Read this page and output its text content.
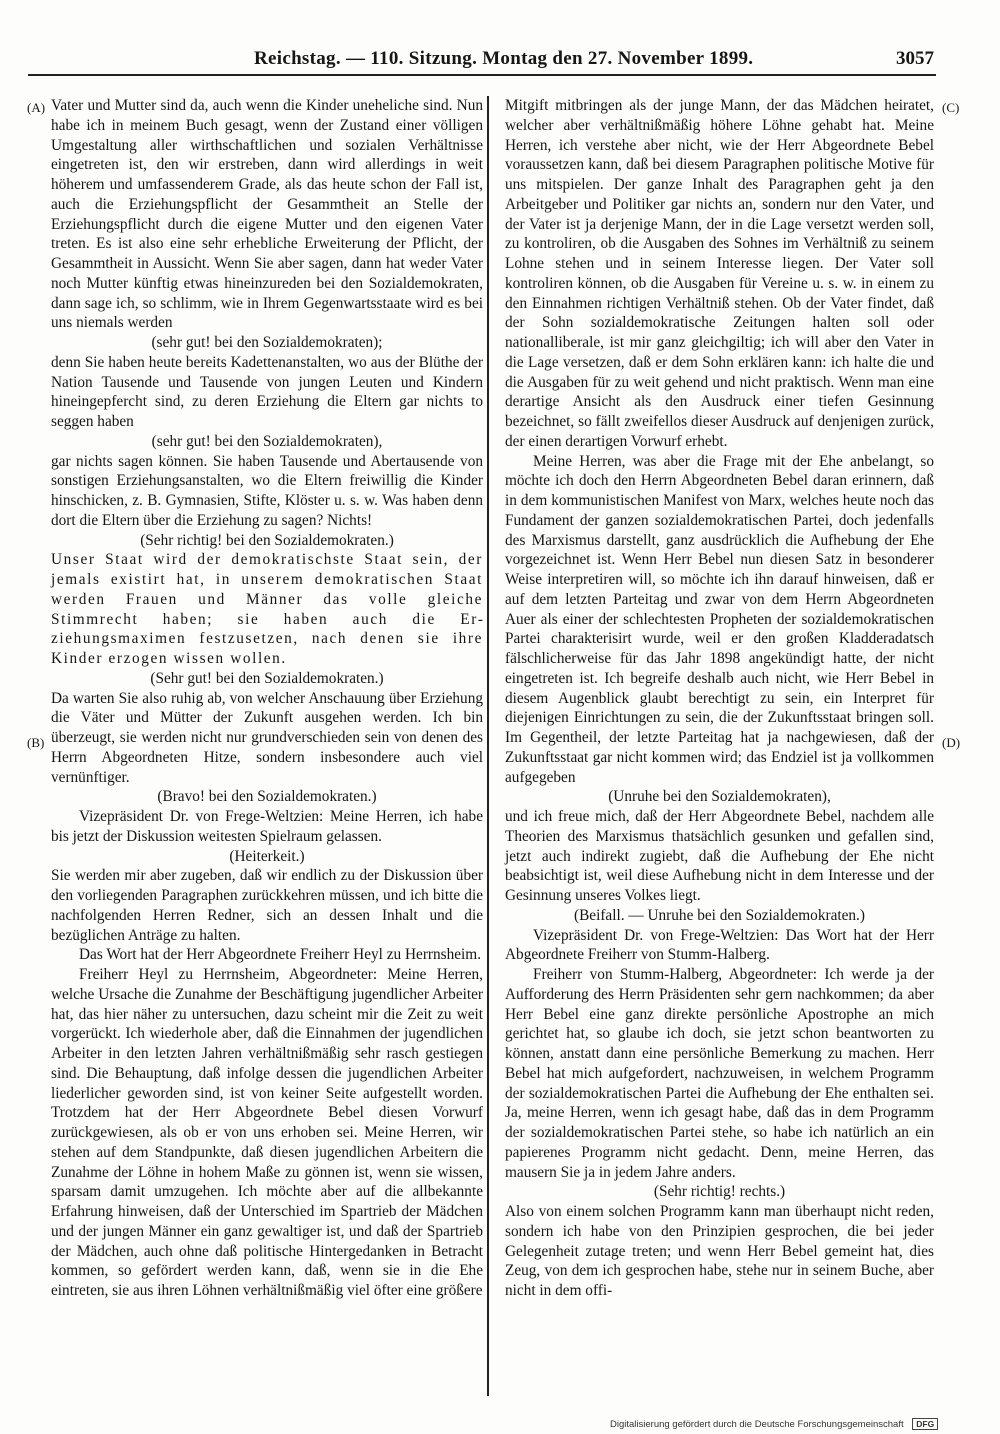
Reichstag. — 110. Sitzung. Montag den 27. November 1899.	3057
(A)
(B)
(C)
(D)

Vater und Mutter sind da, auch wenn die Kinder uneheliche sind. Nun habe ich in meinem Buch gesagt, wenn der Zustand einer völligen Umgestaltung aller wirthschaftlichen und sozialen Verhältnisse eingetreten ist, den wir erstreben, dann wird allerdings in weit höherem und umfassenderem Grade, als das heute schon der Fall ist, auch die Erziehungspflicht der Gesammtheit an Stelle der Erziehungspflicht durch die eigene Mutter und den eigenen Vater treten. Es ist also eine sehr erhebliche Erweiterung der Pflicht, der Gesammtheit in Aussicht. Wenn Sie aber sagen, dann hat weder Vater noch Mutter künftig etwas hineinzureden bei den Sozialdemokraten, dann sage ich, so schlimm, wie in Ihrem Gegenwartsstaate wird es bei uns niemals werden

(sehr gut! bei den Sozialdemokraten);

denn Sie haben heute bereits Kadettenanstalten, wo aus der Blüthe der Nation Tausende und Tausende von jungen Leuten und Kindern hineingepfercht sind, zu deren Erziehung die Eltern gar nichts to seggen haben

(sehr gut! bei den Sozialdemokraten),

gar nichts sagen können. Sie haben Tausende und Abertausende von sonstigen Erziehungsanstalten, wo die Eltern freiwillig die Kinder hinschicken, z. B. Gymnasien, Stifte, Klöster u. s. w. Was haben denn dort die Eltern über die Erziehung zu sagen? Nichts!

(Sehr richtig! bei den Sozialdemokraten.)

Unser Staat wird der demokratischste Staat sein, der jemals existirt hat, in unserem demokratischen Staat werden Frauen und Männer das volle gleiche Stimmrecht haben; sie haben auch die Erziehungsmaximen festzusetzen, nach denen sie ihre Kinder erzogen wissen wollen.

(Sehr gut! bei den Sozialdemokraten.)

Da warten Sie also ruhig ab, von welcher Anschauung über Erziehung die Väter und Mütter der Zukunft ausgehen werden. Ich bin überzeugt, sie werden nicht nur grundverschieden sein von denen des Herrn Abgeordneten Hitze, sondern insbesondere auch viel vernünftiger.

(Bravo! bei den Sozialdemokraten.)

Vizepräsident Dr. von Frege-Weltzien: Meine Herren, ich habe bis jetzt der Diskussion weitesten Spielraum gelassen.

(Heiterkeit.)

Sie werden mir aber zugeben, daß wir endlich zu der Diskussion über den vorliegenden Paragraphen zurückkehren müssen, und ich bitte die nachfolgenden Herren Redner, sich an dessen Inhalt und die bezüglichen Anträge zu halten.

Das Wort hat der Herr Abgeordnete Freiherr Heyl zu Herrnsheim.

Freiherr Heyl zu Herrnsheim, Abgeordneter: Meine Herren, welche Ursache die Zunahme der Beschäftigung jugendlicher Arbeiter hat, das hier näher zu untersuchen, dazu scheint mir die Zeit zu weit vorgerückt. Ich wiederhole aber, daß die Einnahmen der jugendlichen Arbeiter in den letzten Jahren verhältnißmäßig sehr rasch gestiegen sind. Die Behauptung, daß infolge dessen die jugendlichen Arbeiter liederlicher geworden sind, ist von keiner Seite aufgestellt worden. Trotzdem hat der Herr Abgeordnete Bebel diesen Vorwurf zurückgewiesen, als ob er von uns erhoben sei. Meine Herren, wir stehen auf dem Standpunkte, daß diesen jugendlichen Arbeitern die Zunahme der Löhne in hohem Maße zu gönnen ist, wenn sie wissen, sparsam damit umzugehen. Ich möchte aber auf die allbekannte Erfahrung hinweisen, daß der Unterschied im Spartrieb der Mädchen und der jungen Männer ein ganz gewaltiger ist, und daß der Spartrieb der Mädchen, auch ohne daß politische Hintergedanken in Betracht kommen, so gefördert werden kann, daß, wenn sie in die Ehe eintreten, sie aus ihren Löhnen verhältnißmäßig viel öfter eine größere

Mitgift mitbringen als der junge Mann, der das Mädchen heiratet, welcher aber verhältnißmäßig höhere Löhne gehabt hat. Meine Herren, ich verstehe aber nicht, wie der Herr Abgeordnete Bebel voraussetzen kann, daß bei diesem Paragraphen politische Motive für uns mitspielen. Der ganze Inhalt des Paragraphen geht ja den Arbeitgeber und Politiker gar nichts an, sondern nur den Vater, und der Vater ist ja derjenige Mann, der in die Lage versetzt werden soll, zu kontroliren, ob die Ausgaben des Sohnes im Verhältniß zu seinem Lohne stehen und in seinem Interesse liegen. Der Vater soll kontroliren können, ob die Ausgaben für Vereine u. s. w. in einem zu den Einnahmen richtigen Verhältniß stehen. Ob der Vater findet, daß der Sohn sozialdemokratische Zeitungen halten soll oder nationalliberale, ist mir ganz gleichgiltig; ich will aber den Vater in die Lage versetzen, daß er dem Sohn erklären kann: ich halte die und die Ausgaben für zu weit gehend und nicht praktisch. Wenn man eine derartige Ansicht als den Ausdruck einer tiefen Gesinnung bezeichnet, so fällt zweifellos dieser Ausdruck auf denjenigen zurück, der einen derartigen Vorwurf erhebt.

Meine Herren, was aber die Frage mit der Ehe anbelangt, so möchte ich doch den Herrn Abgeordneten Bebel daran erinnern, daß in dem kommunistischen Manifest von Marx, welches heute noch das Fundament der ganzen sozialdemokratischen Partei, doch jedenfalls des Marxismus darstellt, ganz ausdrücklich die Aufhebung der Ehe vorgezeichnet ist. Wenn Herr Bebel nun diesen Satz in besonderer Weise interpretiren will, so möchte ich ihn darauf hinweisen, daß er auf dem letzten Parteitag und zwar von dem Herrn Abgeordneten Auer als einer der schlechtesten Propheten der sozialdemokratischen Partei charakterisirt wurde, weil er den großen Kladderadatsch fälschlicherweise für das Jahr 1898 angekündigt hatte, der nicht eingetreten ist. Ich begreife deshalb auch nicht, wie Herr Bebel in diesem Augenblick glaubt berechtigt zu sein, ein Interpret für diejenigen Einrichtungen zu sein, die der Zukunftsstaat bringen soll. Im Gegentheil, der letzte Parteitag hat ja nachgewiesen, daß der Zukunftsstaat gar nicht kommen wird; das Endziel ist ja vollkommen aufgegeben

(Unruhe bei den Sozialdemokraten),

und ich freue mich, daß der Herr Abgeordnete Bebel, nachdem alle Theorien des Marxismus thatsächlich gesunken und gefallen sind, jetzt auch indirekt zugiebt, daß die Aufhebung der Ehe nicht beabsichtigt ist, weil diese Aufhebung nicht in dem Interesse und der Gesinnung unseres Volkes liegt.

(Beifall. — Unruhe bei den Sozialdemokraten.)

Vizepräsident Dr. von Frege-Weltzien: Das Wort hat der Herr Abgeordnete Freiherr von Stumm-Halberg.

Freiherr von Stumm-Halberg, Abgeordneter: Ich werde ja der Aufforderung des Herrn Präsidenten sehr gern nachkommen; da aber Herr Bebel eine ganz direkte persönliche Apostrophe an mich gerichtet hat, so glaube ich doch, sie jetzt schon beantworten zu können, anstatt dann eine persönliche Bemerkung zu machen. Herr Bebel hat mich aufgefordert, nachzuweisen, in welchem Programm der sozialdemokratischen Partei die Aufhebung der Ehe enthalten sei. Ja, meine Herren, wenn ich gesagt habe, daß das in dem Programm der sozialdemokratischen Partei stehe, so habe ich natürlich an ein papierenes Programm nicht gedacht. Denn, meine Herren, das mausern Sie ja in jedem Jahre anders.

(Sehr richtig! rechts.)

Also von einem solchen Programm kann man überhaupt nicht reden, sondern ich habe von den Prinzipien gesprochen, die bei jeder Gelegenheit zutage treten; und wenn Herr Bebel gemeint hat, dies Zeug, von dem ich gesprochen habe, stehe nur in seinem Buche, aber nicht in dem offi-

Digitalisierung gefördert durch die Deutsche Forschungsgemeinschaft DFG
